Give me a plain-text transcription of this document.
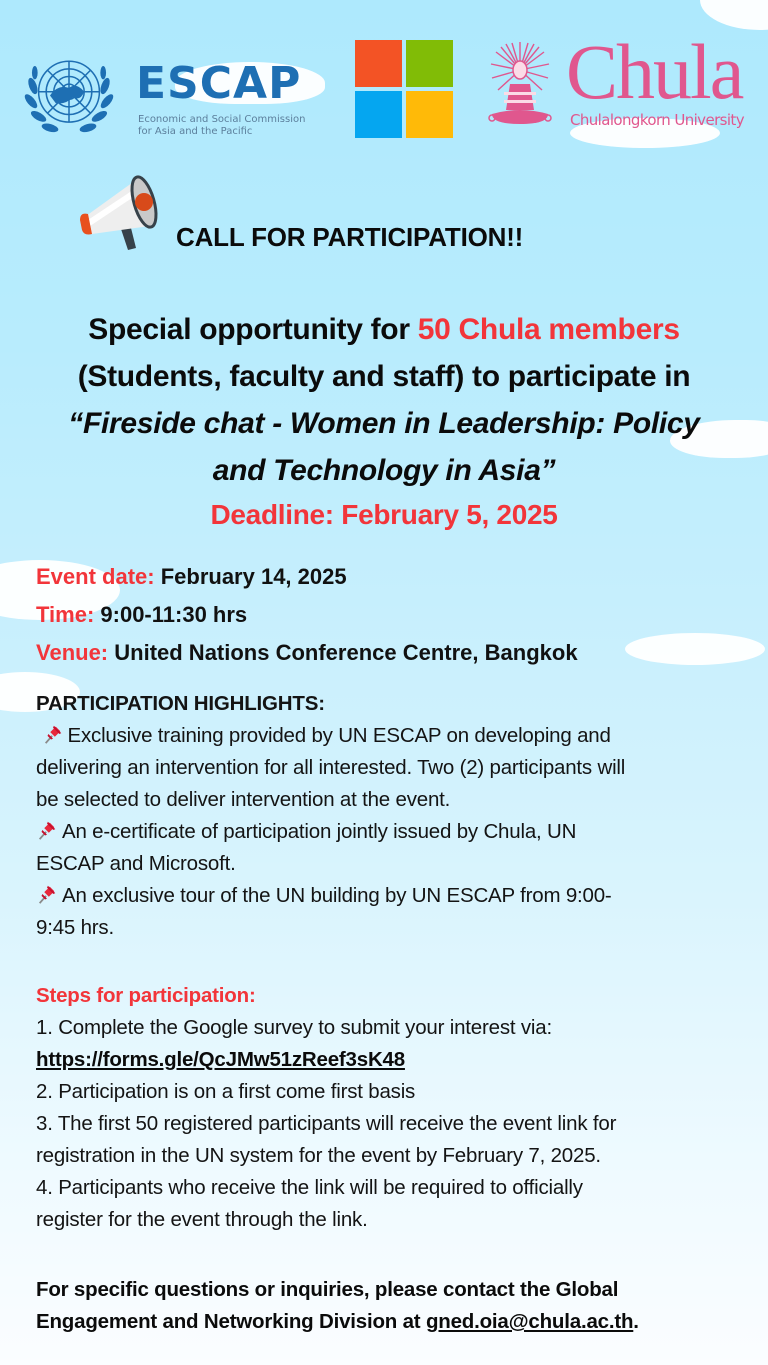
ESCAP
Economic and Social Commission
for Asia and the Pacific
Chula
Chulalongkorn University
CALL FOR PARTICIPATION!!
Special opportunity for 50 Chula members
(Students, faculty and staff) to participate in
“Fireside chat - Women in Leadership: Policy
and Technology in Asia”
Deadline: February 5, 2025
Event date: February 14, 2025
Time: 9:00-11:30 hrs
Venue: United Nations Conference Centre, Bangkok
PARTICIPATION HIGHLIGHTS:
Exclusive training provided by UN ESCAP on developing and
delivering an intervention for all interested. Two (2) participants will
be selected to deliver intervention at the event.
An e-certificate of participation jointly issued by Chula, UN
ESCAP and Microsoft.
An exclusive tour of the UN building by UN ESCAP from 9:00-
9:45 hrs.
Steps for participation:
1. Complete the Google survey to submit your interest via:
https://forms.gle/QcJMw51zReef3sK48
2. Participation is on a first come first basis
3. The first 50 registered participants will receive the event link for
registration in the UN system for the event by February 7, 2025.
4. Participants who receive the link will be required to officially
register for the event through the link.
For specific questions or inquiries, please contact the Global
Engagement and Networking Division at gned.oia@chula.ac.th.
